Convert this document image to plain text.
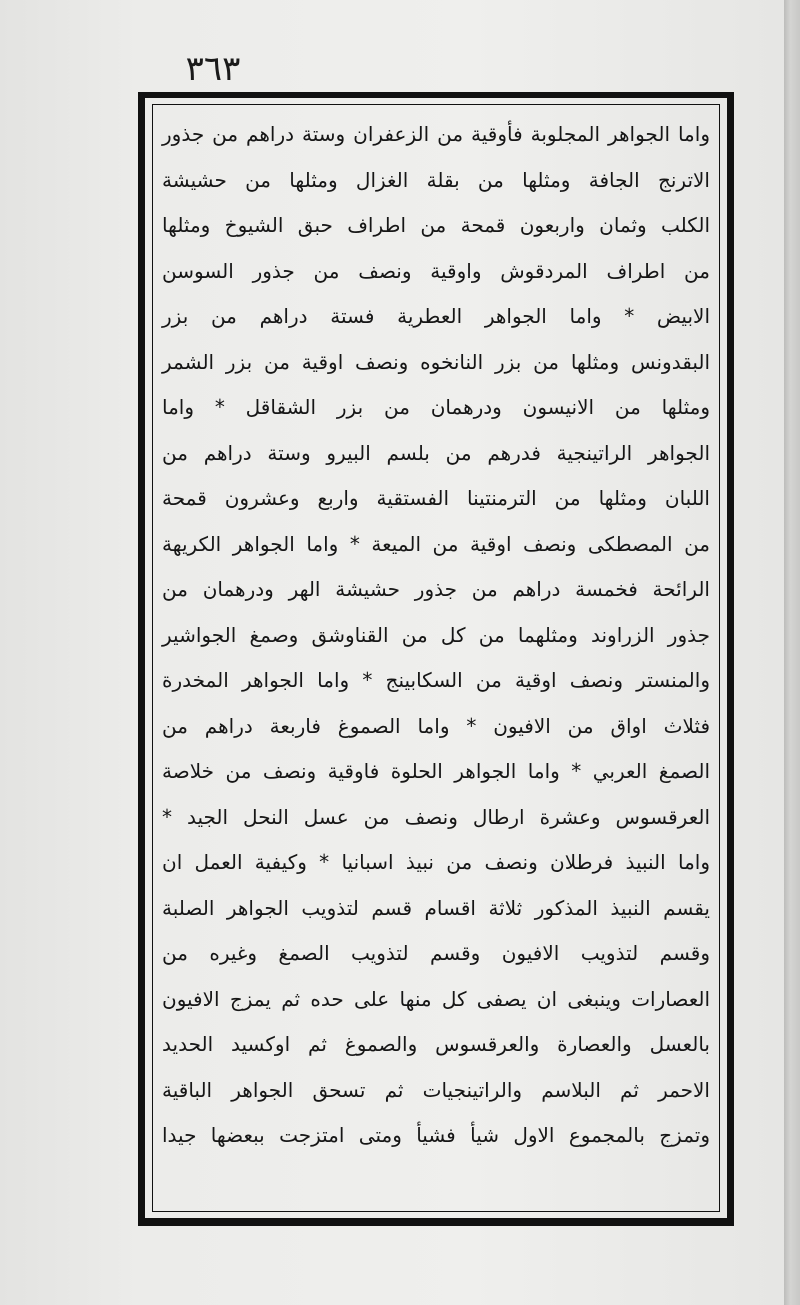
٣٦٣
واما الجواهر المجلوبة فأوقية من الزعفران وستة دراهم من جذور
الاترنج الجافة ومثلها من بقلة الغزال ومثلها من حشيشة
الكلب وثمان واربعون قمحة من اطراف حبق الشيوخ ومثلها
من اطراف المردقوش واوقية ونصف من جذور السوسن
الابيض * واما الجواهر العطرية فستة دراهم من بزر
البقدونس ومثلها من بزر النانخوه ونصف اوقية من بزر الشمر
ومثلها من الانيسون ودرهمان من بزر الشقاقل * واما
الجواهر الراتينجية فدرهم من بلسم البيرو وستة دراهم من
اللبان ومثلها من الترمنتينا الفستقية واربع وعشرون قمحة
من المصطكى ونصف اوقية من الميعة * واما الجواهر الكريهة
الرائحة فخمسة دراهم من جذور حشيشة الهر ودرهمان من
جذور الزراوند ومثلهما من كل من القناوشق وصمغ الجواشير
والمنستر ونصف اوقية من السكابينج * واما الجواهر المخدرة
فثلاث اواق من الافيون * واما الصموغ فاربعة دراهم من
الصمغ العربي * واما الجواهر الحلوة فاوقية ونصف من خلاصة
العرقسوس وعشرة ارطال ونصف من عسل النحل الجيد *
واما النبيذ فرطلان ونصف من نبيذ اسبانيا * وكيفية العمل ان
يقسم النبيذ المذكور ثلاثة اقسام قسم لتذويب الجواهر الصلبة
وقسم لتذويب الافيون وقسم لتذويب الصمغ وغيره من
العصارات وينبغى ان يصفى كل منها على حده ثم يمزج الافيون
بالعسل والعصارة والعرقسوس والصموغ ثم اوكسيد الحديد
الاحمر ثم البلاسم والراتينجيات ثم تسحق الجواهر الباقية
وتمزج بالمجموع الاول شيأ فشيأ ومتى امتزجت ببعضها جيدا
